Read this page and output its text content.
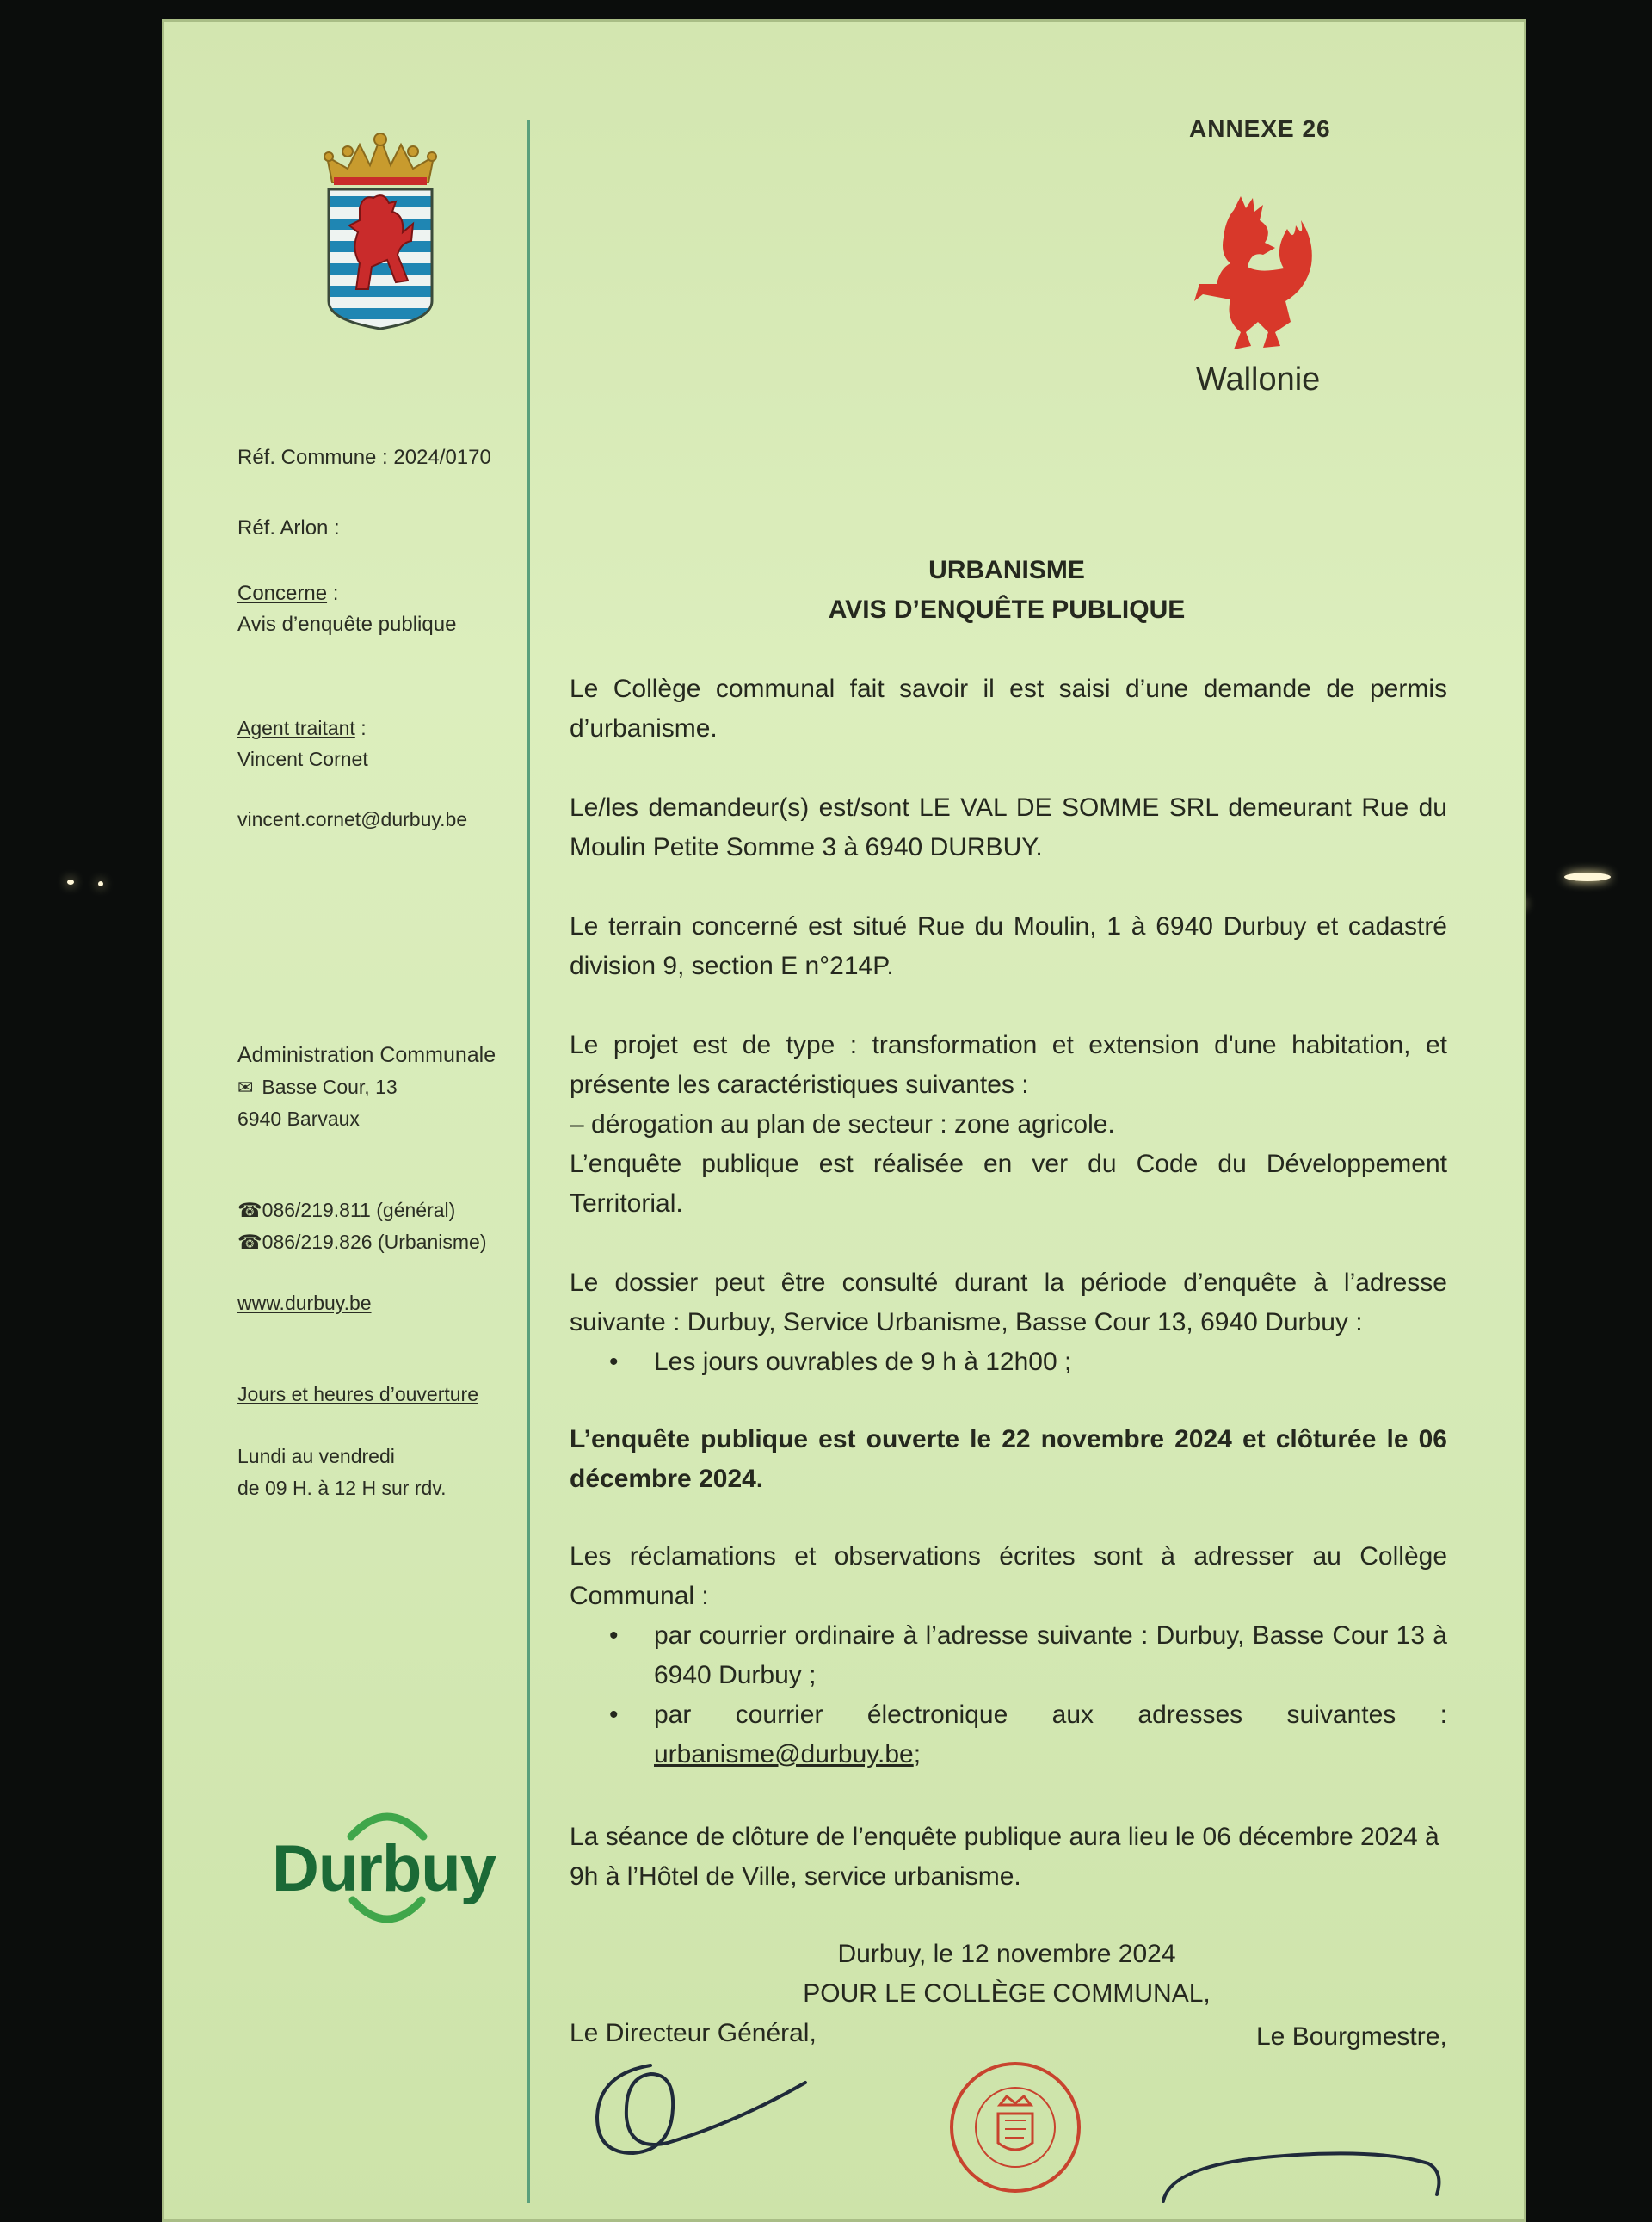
ANNEXE 26
Wallonie
Réf. Commune : 2024/0170
Réf. Arlon :
Concerne :
Avis d’enquête publique
Agent traitant :
Vincent Cornet
vincent.cornet@durbuy.be
Administration Communale
✉ Basse Cour, 13
6940 Barvaux
☎086/219.811 (général)
☎086/219.826 (Urbanisme)
www.durbuy.be
Jours et heures d’ouverture
Lundi au vendredi
de 09 H. à 12 H sur rdv.
Durbuy
URBANISME
AVIS D’ENQUÊTE PUBLIQUE
Le Collège communal fait savoir il est saisi d’une demande de permis d’urbanisme.
Le/les demandeur(s) est/sont LE VAL DE SOMME SRL demeurant Rue du Moulin Petite Somme 3 à 6940 DURBUY.
Le terrain concerné est situé Rue du Moulin, 1 à 6940 Durbuy et cadastré division 9, section E n°214P.
Le projet est de type : transformation et extension d'une habitation, et présente les caractéristiques suivantes :
– dérogation au plan de secteur : zone agricole.
L’enquête publique est réalisée en ver du Code du Développement Territorial.
Le dossier peut être consulté durant la période d’enquête à l’adresse suivante : Durbuy, Service Urbanisme, Basse Cour 13, 6940 Durbuy :
• Les jours ouvrables de 9 h à 12h00 ;
L’enquête publique est ouverte le 22 novembre 2024 et clôturée le 06 décembre 2024.
Les réclamations et observations écrites sont à adresser au Collège Communal :
• par courrier ordinaire à l’adresse suivante : Durbuy, Basse Cour 13 à 6940 Durbuy ;
• par courrier électronique aux adresses suivantes :
urbanisme@durbuy.be;
La séance de clôture de l’enquête publique aura lieu le 06 décembre 2024 à 9h à l’Hôtel de Ville, service urbanisme.
Durbuy, le 12 novembre 2024
POUR LE COLLÈGE COMMUNAL,
Le Directeur Général,	Le Bourgmestre,
